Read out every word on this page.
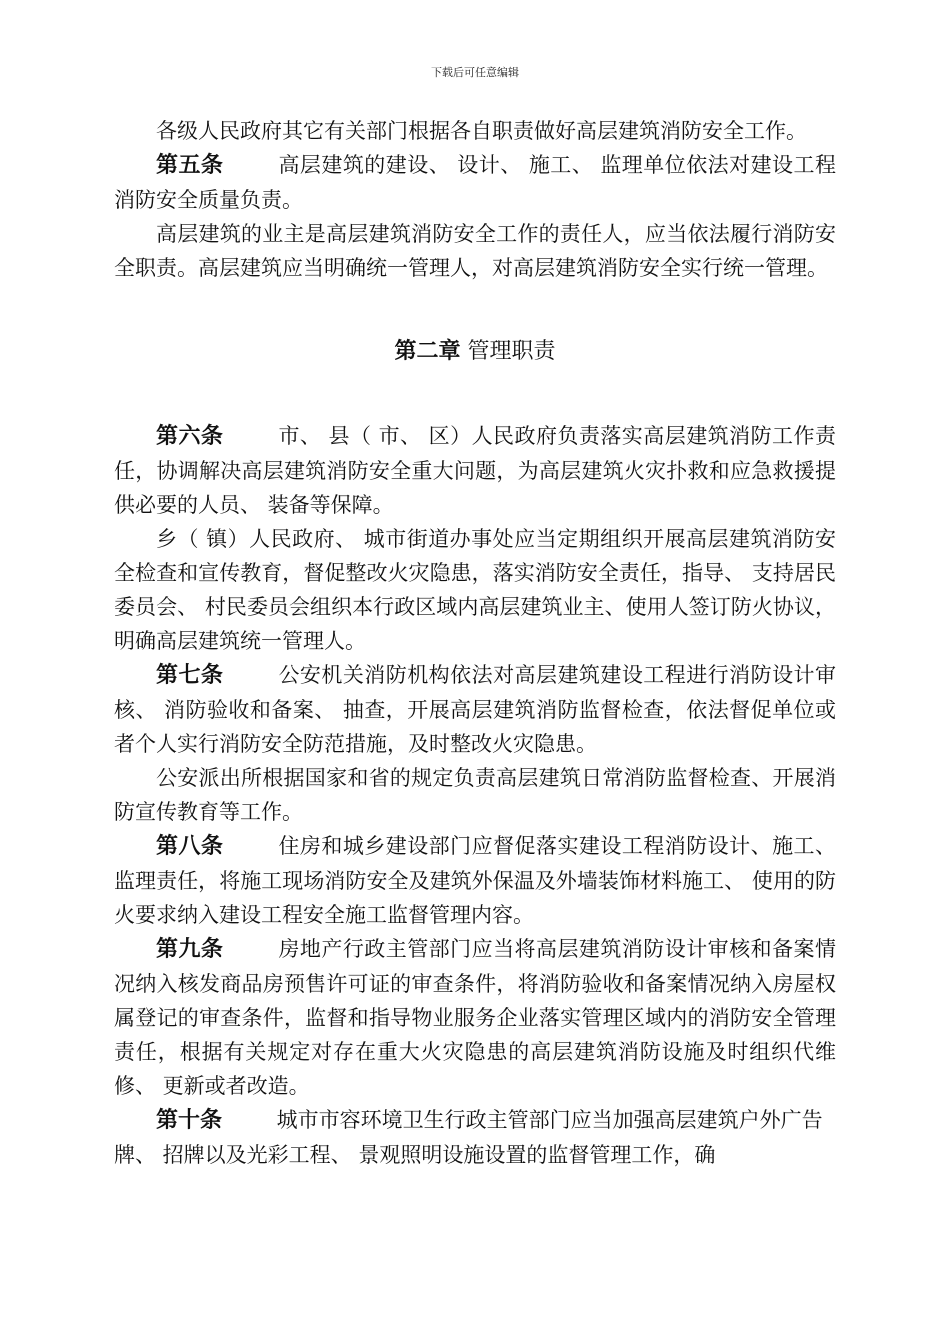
下载后可任意编辑

各级人民政府其它有关部门根据各自职责做好高层建筑消防安全工作。

第五条	高层建筑的建设、 设计、 施工、 监理单位依法对建设工程消防安全质量负责。

高层建筑的业主是高层建筑消防安全工作的责任人，应当依法履行消防安全职责。高层建筑应当明确统一管理人，对高层建筑消防安全实行统一管理。

第二章 管理职责

第六条	市、 县（ 市、 区）人民政府负责落实高层建筑消防工作责任，协调解决高层建筑消防安全重大问题，为高层建筑火灾扑救和应急救援提供必要的人员、 装备等保障。

乡（ 镇）人民政府、 城市街道办事处应当定期组织开展高层建筑消防安全检查和宣传教育，督促整改火灾隐患，落实消防安全责任，指导、 支持居民委员会、 村民委员会组织本行政区域内高层建筑业主、使用人签订防火协议，明确高层建筑统一管理人。

第七条	公安机关消防机构依法对高层建筑建设工程进行消防设计审核、 消防验收和备案、 抽查，开展高层建筑消防监督检查，依法督促单位或者个人实行消防安全防范措施，及时整改火灾隐患。

公安派出所根据国家和省的规定负责高层建筑日常消防监督检查、开展消防宣传教育等工作。

第八条	住房和城乡建设部门应督促落实建设工程消防设计、施工、 监理责任，将施工现场消防安全及建筑外保温及外墙装饰材料施工、 使用的防火要求纳入建设工程安全施工监督管理内容。

第九条	房地产行政主管部门应当将高层建筑消防设计审核和备案情况纳入核发商品房预售许可证的审查条件，将消防验收和备案情况纳入房屋权属登记的审查条件，监督和指导物业服务企业落实管理区域内的消防安全管理责任，根据有关规定对存在重大火灾隐患的高层建筑消防设施及时组织代维修、 更新或者改造。

第十条	城市市容环境卫生行政主管部门应当加强高层建筑户外广告牌、 招牌以及光彩工程、 景观照明设施设置的监督管理工作，确
